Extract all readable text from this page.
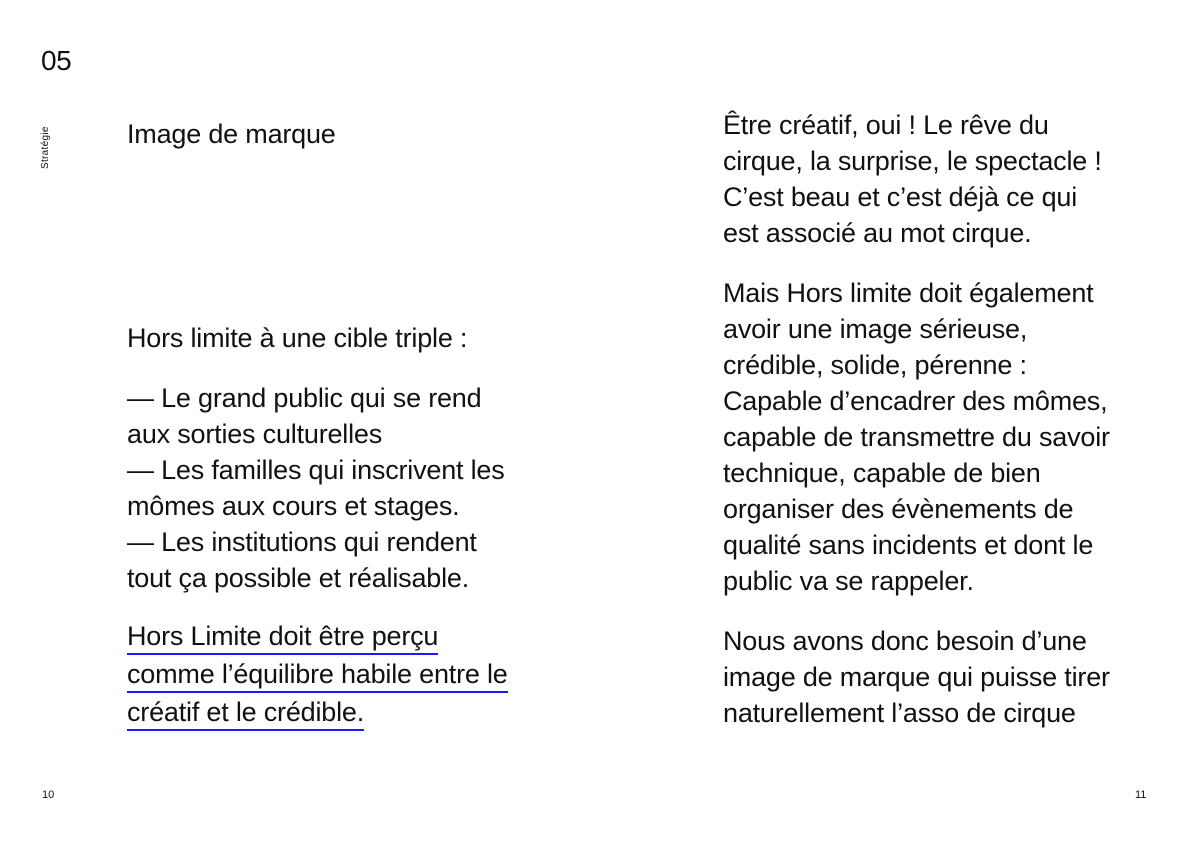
05
Stratégie	Image de marque
Hors limite à une cible triple :
— Le grand public qui se rend
aux sorties culturelles
— Les familles qui inscrivent les
mômes aux cours et stages.
— Les institutions qui rendent
tout ça possible et réalisable.
Hors Limite doit être perçu
comme l’équilibre habile entre le
créatif et le crédible.
Être créatif, oui ! Le rêve du
cirque, la surprise, le spectacle !
C’est beau et c’est déjà ce qui
est associé au mot cirque.
Mais Hors limite doit également
avoir une image sérieuse,
crédible, solide, pérenne :
Capable d’encadrer des mômes,
capable de transmettre du savoir
technique, capable de bien
organiser des évènements de
qualité sans incidents et dont le
public va se rappeler.
Nous avons donc besoin d’une
image de marque qui puisse tirer
naturellement l’asso de cirque
10	11
